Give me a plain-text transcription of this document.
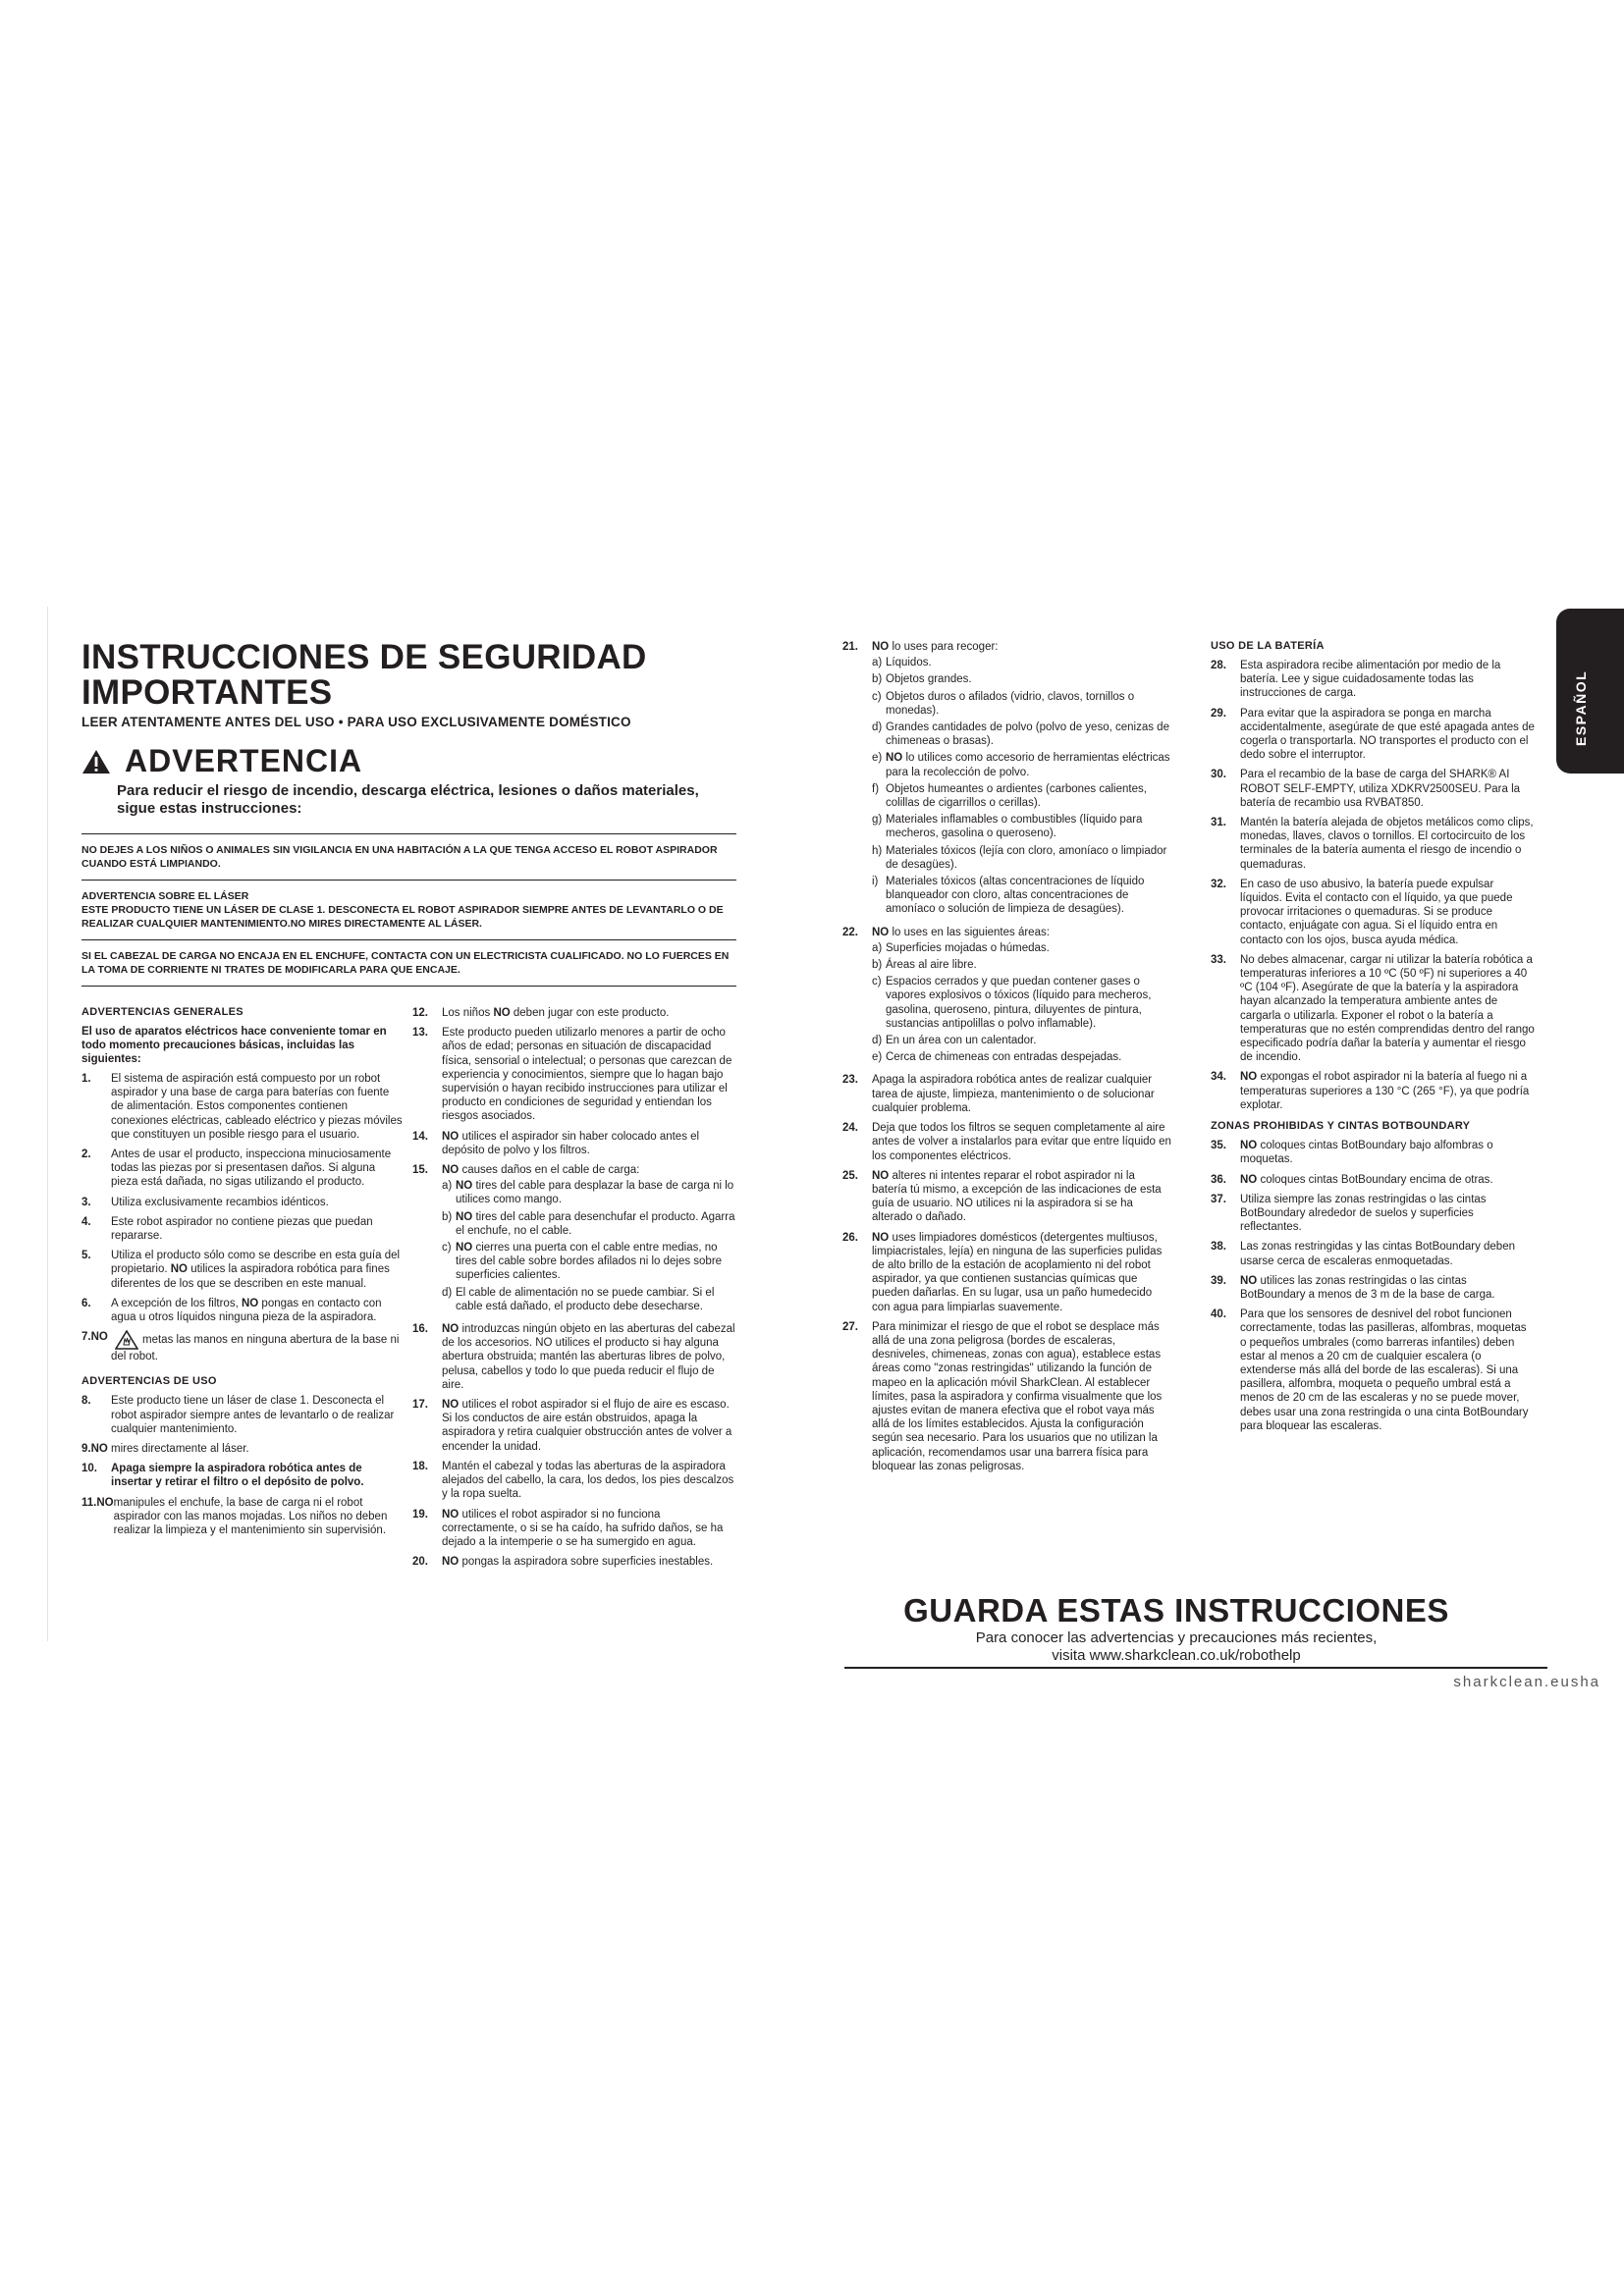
ESPAÑOL
INSTRUCCIONES DE SEGURIDAD IMPORTANTES
LEER ATENTAMENTE ANTES DEL USO • PARA USO EXCLUSIVAMENTE DOMÉSTICO
ADVERTENCIA
Para reducir el riesgo de incendio, descarga eléctrica, lesiones o daños materiales, sigue estas instrucciones:
NO DEJES A LOS NIÑOS O ANIMALES SIN VIGILANCIA EN UNA HABITACIÓN A LA QUE TENGA ACCESO EL ROBOT ASPIRADOR CUANDO ESTÁ LIMPIANDO.
ADVERTENCIA SOBRE EL LÁSER
ESTE PRODUCTO TIENE UN LÁSER DE CLASE 1. DESCONECTA EL ROBOT ASPIRADOR SIEMPRE ANTES DE LEVANTARLO O DE REALIZAR CUALQUIER MANTENIMIENTO.NO MIRES DIRECTAMENTE AL LÁSER.
SI EL CABEZAL DE CARGA NO ENCAJA EN EL ENCHUFE, CONTACTA CON UN ELECTRICISTA CUALIFICADO. NO LO FUERCES EN LA TOMA DE CORRIENTE NI TRATES DE MODIFICARLA PARA QUE ENCAJE.
ADVERTENCIAS GENERALES
El uso de aparatos eléctricos hace conveniente tomar en todo momento precauciones básicas, incluidas las siguientes:
1.	El sistema de aspiración está compuesto por un robot aspirador y una base de carga para baterías con fuente de alimentación. Estos componentes contienen conexiones eléctricas, cableado eléctrico y piezas móviles que constituyen un posible riesgo para el usuario.
2.	Antes de usar el producto, inspecciona minuciosamente todas las piezas por si presentasen daños. Si alguna pieza está dañada, no sigas utilizando el producto.
3.	Utiliza exclusivamente recambios idénticos.
4.	Este robot aspirador no contiene piezas que puedan repararse.
5.	Utiliza el producto sólo como se describe en esta guía del propietario. NO utilices la aspiradora robótica para fines diferentes de los que se describen en este manual.
6.	A excepción de los filtros, NO pongas en contacto con agua u otros líquidos ninguna pieza de la aspiradora.
7.NO	metas las manos en ninguna abertura de la base ni del robot.
ADVERTENCIAS DE USO
8.	Este producto tiene un láser de clase 1. Desconecta el robot aspirador siempre antes de levantarlo o de realizar cualquier mantenimiento.
9.NO mires directamente al láser.
10.	Apaga siempre la aspiradora robótica antes de insertar y retirar el filtro o el depósito de polvo.
11.NO manipules el enchufe, la base de carga ni el robot aspirador con las manos mojadas. Los niños no deben realizar la limpieza y el mantenimiento sin supervisión.
12.	Los niños NO deben jugar con este producto.
13.	Este producto pueden utilizarlo menores a partir de ocho años de edad; personas en situación de discapacidad física, sensorial o intelectual; o personas que carezcan de experiencia y conocimientos, siempre que lo hagan bajo supervisión o hayan recibido instrucciones para utilizar el producto en condiciones de seguridad y entiendan los riesgos asociados.
14.	NO utilices el aspirador sin haber colocado antes el depósito de polvo y los filtros.
15.	NO causes daños en el cable de carga:
a) NO tires del cable para desplazar la base de carga ni lo utilices como mango.
b) NO tires del cable para desenchufar el producto. Agarra el enchufe, no el cable.
c) NO cierres una puerta con el cable entre medias, no tires del cable sobre bordes afilados ni lo dejes sobre superficies calientes.
d) El cable de alimentación no se puede cambiar. Si el cable está dañado, el producto debe desecharse.
16.	NO introduzcas ningún objeto en las aberturas del cabezal de los accesorios. NO utilices el producto si hay alguna abertura obstruida; mantén las aberturas libres de polvo, pelusa, cabellos y todo lo que pueda reducir el flujo de aire.
17.	NO utilices el robot aspirador si el flujo de aire es escaso. Si los conductos de aire están obstruidos, apaga la aspiradora y retira cualquier obstrucción antes de volver a encender la unidad.
18.	Mantén el cabezal y todas las aberturas de la aspiradora alejados del cabello, la cara, los dedos, los pies descalzos y la ropa suelta.
19.	NO utilices el robot aspirador si no funciona correctamente, o si se ha caído, ha sufrido daños, se ha dejado a la intemperie o se ha sumergido en agua.
20.	NO pongas la aspiradora sobre superficies inestables.
21.	NO lo uses para recoger:
a) Líquidos.
b) Objetos grandes.
c) Objetos duros o afilados (vidrio, clavos, tornillos o monedas).
d) Grandes cantidades de polvo (polvo de yeso, cenizas de chimeneas o brasas).
e) NO lo utilices como accesorio de herramientas eléctricas para la recolección de polvo.
f) Objetos humeantes o ardientes (carbones calientes, colillas de cigarrillos o cerillas).
g) Materiales inflamables o combustibles (líquido para mecheros, gasolina o queroseno).
h) Materiales tóxicos (lejía con cloro, amoníaco o limpiador de desagües).
i) Materiales tóxicos (altas concentraciones de líquido blanqueador con cloro, altas concentraciones de amoníaco o solución de limpieza de desagües).
22.	NO lo uses en las siguientes áreas:
a) Superficies mojadas o húmedas.
b) Áreas al aire libre.
c) Espacios cerrados y que puedan contener gases o vapores explosivos o tóxicos (líquido para mecheros, gasolina, queroseno, pintura, diluyentes de pintura, sustancias antipolillas o polvo inflamable).
d) En un área con un calentador.
e) Cerca de chimeneas con entradas despejadas.
23.	Apaga la aspiradora robótica antes de realizar cualquier tarea de ajuste, limpieza, mantenimiento o de solucionar cualquier problema.
24.	Deja que todos los filtros se sequen completamente al aire antes de volver a instalarlos para evitar que entre líquido en los componentes eléctricos.
25.	NO alteres ni intentes reparar el robot aspirador ni la batería tú mismo, a excepción de las indicaciones de esta guía de usuario. NO utilices ni la aspiradora si se ha alterado o dañado.
26.	NO uses limpiadores domésticos (detergentes multiusos, limpiacristales, lejía) en ninguna de las superficies pulidas de alto brillo de la estación de acoplamiento ni del robot aspirador, ya que contienen sustancias químicas que pueden dañarlas. En su lugar, usa un paño humedecido con agua para limpiarlas suavemente.
27.	Para minimizar el riesgo de que el robot se desplace más allá de una zona peligrosa (bordes de escaleras, desniveles, chimeneas, zonas con agua), establece estas áreas como "zonas restringidas" utilizando la función de mapeo en la aplicación móvil SharkClean. Al establecer límites, pasa la aspiradora y confirma visualmente que los ajustes evitan de manera efectiva que el robot vaya más allá de los límites establecidos. Ajusta la configuración según sea necesario. Para los usuarios que no utilizan la aplicación, recomendamos usar una barrera física para bloquear las zonas peligrosas.
USO DE LA BATERÍA
28.	Esta aspiradora recibe alimentación por medio de la batería. Lee y sigue cuidadosamente todas las instrucciones de carga.
29.	Para evitar que la aspiradora se ponga en marcha accidentalmente, asegúrate de que esté apagada antes de cogerla o transportarla. NO transportes el producto con el dedo sobre el interruptor.
30.	Para el recambio de la base de carga del SHARK® AI ROBOT SELF-EMPTY, utiliza XDKRV2500SEU. Para la batería de recambio usa RVBAT850.
31.	Mantén la batería alejada de objetos metálicos como clips, monedas, llaves, clavos o tornillos. El cortocircuito de los terminales de la batería aumenta el riesgo de incendio o quemaduras.
32.	En caso de uso abusivo, la batería puede expulsar líquidos. Evita el contacto con el líquido, ya que puede provocar irritaciones o quemaduras. Si se produce contacto, enjuágate con agua. Si el líquido entra en contacto con los ojos, busca ayuda médica.
33.	No debes almacenar, cargar ni utilizar la batería robótica a temperaturas inferiores a 10 ºC (50 ºF) ni superiores a 40 ºC (104 ºF). Asegúrate de que la batería y la aspiradora hayan alcanzado la temperatura ambiente antes de cargarla o utilizarla. Exponer el robot o la batería a temperaturas que no estén comprendidas dentro del rango especificado podría dañar la batería y aumentar el riesgo de incendio.
34.	NO expongas el robot aspirador ni la batería al fuego ni a temperaturas superiores a 130 °C (265 °F), ya que podría explotar.
ZONAS PROHIBIDAS Y CINTAS BOTBOUNDARY
35.	NO coloques cintas BotBoundary bajo alfombras o moquetas.
36.	NO coloques cintas BotBoundary encima de otras.
37.	Utiliza siempre las zonas restringidas o las cintas BotBoundary alrededor de suelos y superficies reflectantes.
38.	Las zonas restringidas y las cintas BotBoundary deben usarse cerca de escaleras enmoquetadas.
39.	NO utilices las zonas restringidas o las cintas BotBoundary a menos de 3 m de la base de carga.
40.	Para que los sensores de desnivel del robot funcionen correctamente, todas las pasilleras, alfombras, moquetas o pequeños umbrales (como barreras infantiles) deben estar al menos a 20 cm de cualquier escalera (o extenderse más allá del borde de las escaleras). Si una pasillera, alfombra, moqueta o pequeño umbral está a menos de 20 cm de las escaleras y no se puede mover, debes usar una zona restringida o una cinta BotBoundary para bloquear las escaleras.
GUARDA ESTAS INSTRUCCIONES
Para conocer las advertencias y precauciones más recientes,
visita www.sharkclean.co.uk/robothelp
sharkclean.eusha
